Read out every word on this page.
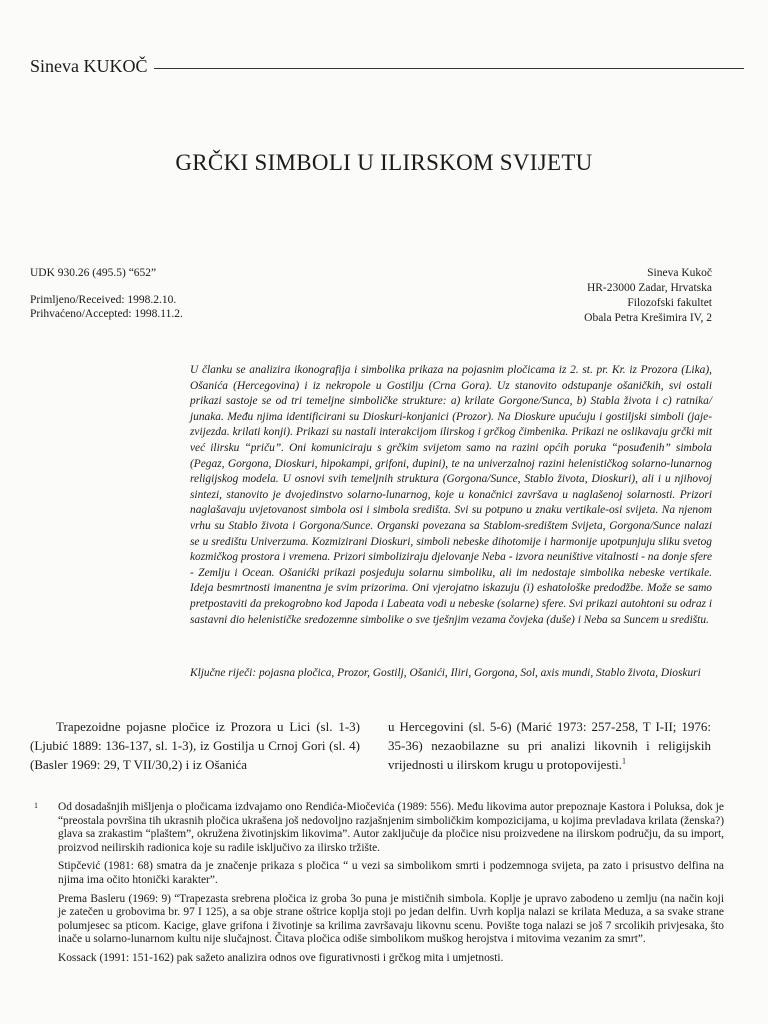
Sineva KUKOČ
GRČKI SIMBOLI U ILIRSKOM SVIJETU
UDK 930.26 (495.5) “652”
Primljeno/Received: 1998.2.10.
Prihvaćeno/Accepted: 1998.11.2.
Sineva Kukoč
HR-23000 Zadar, Hrvatska
Filozofski fakultet
Obala Petra Krešimira IV, 2
U članku se analizira ikonografija i simbolika prikaza na pojasnim pločicama iz 2. st. pr. Kr. iz Prozora (Lika), Ošanića (Hercegovina) i iz nekropole u Gostilju (Crna Gora). Uz stanovito odstupanje ošaničkih, svi ostali prikazi sastoje se od tri temeljne simboličke strukture: a) krilate Gorgone/Sunca, b) Stabla života i c) ratnika/ junaka. Među njima identificirani su Dioskuri-konjanici (Prozor). Na Dioskure upućuju i gostiljski simboli (jaje-zvijezda. krilati konji). Prikazi su nastali interakcijom ilirskog i grčkog čimbenika. Prikazi ne oslikavaju grčki mit već ilirsku “priču”. Oni komuniciraju s grčkim svijetom samo na razini općih poruka “posuđenih” simbola (Pegaz, Gorgona, Dioskuri, hipokampi, grifoni, dupini), te na univerzalnoj razini helenističkog solarno-lunarnog religijskog modela. U osnovi svih temeljnih struktura (Gorgona/Sunce, Stablo života, Dioskuri), ali i u njihovoj sintezi, stanovito je dvojedinstvo solarno-lunarnog, koje u konačnici završava u naglašenoj solarnosti. Prizori naglašavaju uvjetovanost simbola osi i simbola središta. Svi su potpuno u znaku vertikale-osi svijeta. Na njenom vrhu su Stablo života i Gorgona/Sunce. Organski povezana sa Stablom-središtem Svijeta, Gorgona/Sunce nalazi se u središtu Univerzuma. Kozmizirani Dioskuri, simboli nebeske dihotomije i harmonije upotpunjuju sliku svetog kozmičkog prostora i vremena. Prizori simboliziraju djelovanje Neba - izvora neuništive vitalnosti - na donje sfere - Zemlju i Ocean. Ošanićki prikazi posjeduju solarnu simboliku, ali im nedostaje simbolika nebeske vertikale. Ideja besmrtnosti imanentna je svim prizorima. Oni vjerojatno iskazuju (i) eshatološke predodžbe. Može se samo pretpostaviti da prekogrobno kod Japoda i Labeata vodi u nebeske (solarne) sfere. Svi prikazi autohtoni su odraz i sastavni dio helenističke sredozemne simbolike o sve tješnjim vezama čovjeka (duše) i Neba sa Suncem u središtu.
Ključne riječi: pojasna pločica, Prozor, Gostilj, Ošanići, Iliri, Gorgona, Sol, axis mundi, Stablo života, Dioskuri
Trapezoidne pojasne pločice iz Prozora u Lici (sl. 1-3) (Ljubić 1889: 136-137, sl. 1-3), iz Gostilja u Crnoj Gori (sl. 4) (Basler 1969: 29, T VII/30,2) i iz Ošanića
u Hercegovini (sl. 5-6) (Marić 1973: 257-258, T I-II; 1976: 35-36) nezaobilazne su pri analizi likovnih i religijskih vrijednosti u ilirskom krugu u protopovijesti.$^1$
1 Od dosadašnjih mišljenja o pločicama izdvajamo ono Rendića-Miočevića (1989: 556). Među likovima autor prepoznaje Kastora i Poluksa, dok je “preostala površina tih ukrasnih pločica ukrašena još nedovoljno razjašnjenim simboličkim kompozicijama, u kojima prevladava krilata (ženska?) glava sa zrakastim “plaštem”, okružena životinjskim likovima”. Autor zaključuje da pločice nisu proizvedene na ilirskom području, da su import, proizvod neilirskih radionica koje su radile isključivo za ilirsko tržište.
Stipčević (1981: 68) smatra da je značenje prikaza s pločica “ u vezi sa simbolikom smrti i podzemnoga svijeta, pa zato i prisustvo delfina na njima ima očito htonički karakter”.
Prema Basleru (1969: 9) “Trapezasta srebrena pločica iz groba 3o puna je mističnih simbola. Koplje je upravo zabodeno u zemlju (na način koji je zatečen u grobovima br. 97 I 125), a sa obje strane oštrice koplja stoji po jedan delfin. Uvrh koplja nalazi se krilata Meduza, a sa svake strane polumjesec sa pticom. Kacige, glave grifona i životinje sa krilima završavaju likovnu scenu. Povište toga nalazi se još 7 srcolikih privjesaka, što inače u solarno-lunarnom kultu nije slučajnost. Čitava pločica odiše simbolikom muškog herojstva i mitovima vezanim za smrt”.
Kossack (1991: 151-162) pak sažeto analizira odnos ove figurativnosti i grčkog mita i umjetnosti.
